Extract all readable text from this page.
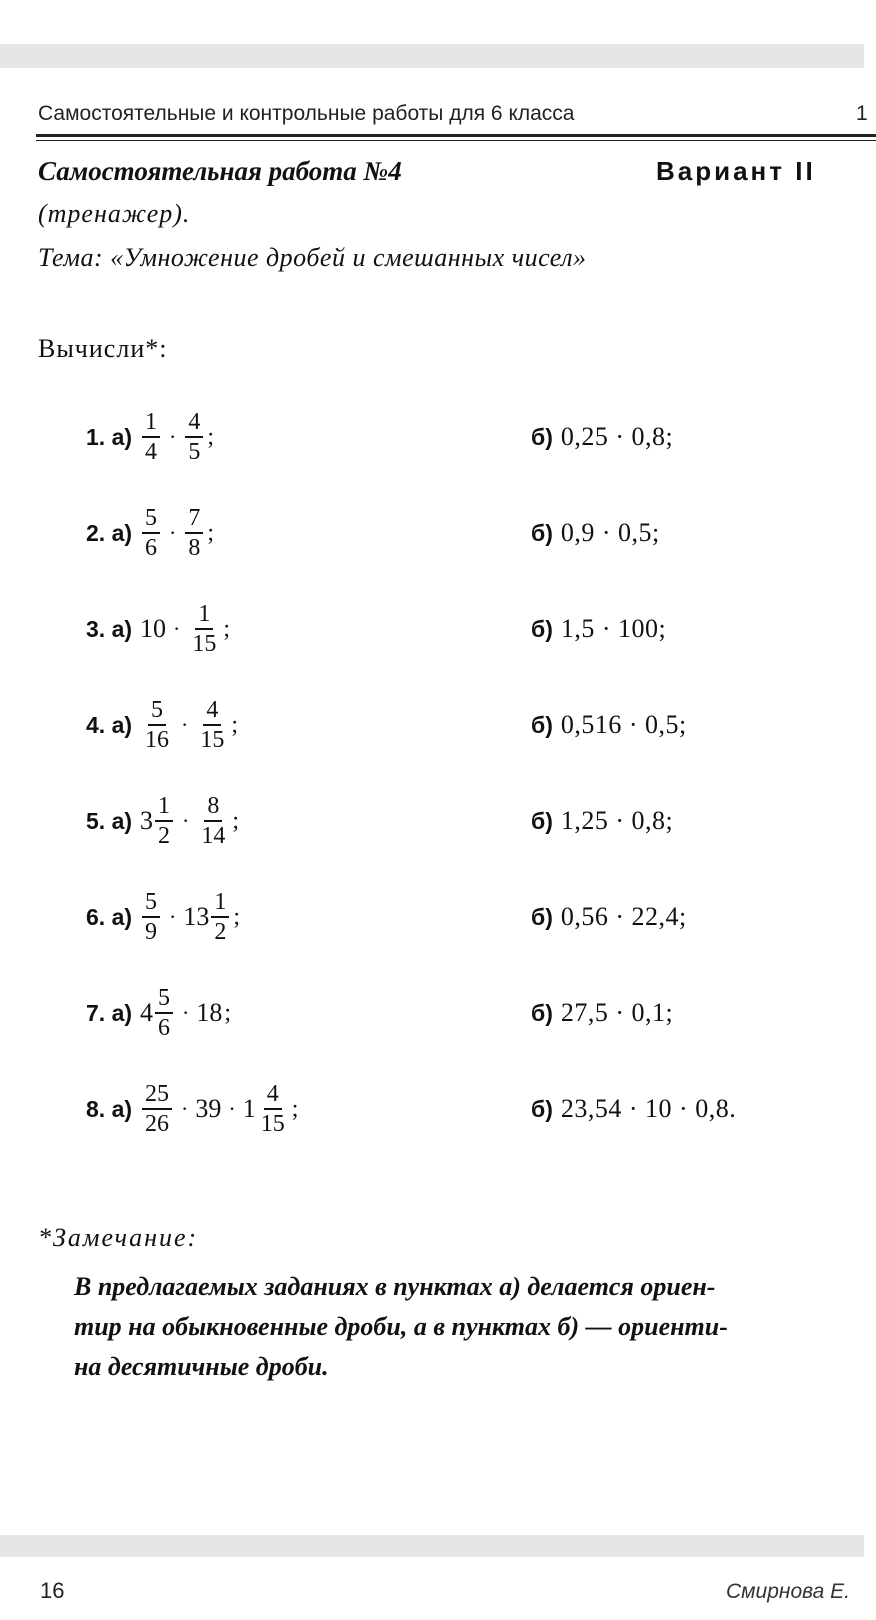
Самостоятельные и контрольные работы для 6 класса	1
Самостоятельная работа №4	Вариант II
(тренажер).
Тема: «Умножение дробей и смешанных чисел»
Вычисли*:
1. $а) \frac{1}{4} \cdot \frac{4}{5}$ ;	б) 0,25 · 0,8;
2. $а) \frac{5}{6} \cdot \frac{7}{8}$ ;	б) 0,9 · 0,5;
3. а) $10 \cdot \frac{1}{15}$ ;	б) 1,5 · 100;
4. $а) \frac{5}{16} \cdot \frac{4}{15}$ ;	б) 0,516 · 0,5;
5. а) $3 \frac{1}{2} \cdot \frac{8}{14}$ ;	б) 1,25 · 0,8;
6. $а) \frac{5}{9} \cdot 13 \frac{1}{2}$ ;	б) 0,56 · 22,4;
7. а) $4 \frac{5}{6} \cdot 18$ ;	б) 27,5 · 0,1;
8. $а) \frac{25}{26} \cdot 39 \cdot 1 \frac{4}{15}$ ;	б) 23,54 · 10 · 0,8.
*Замечание:
В предлагаемых заданиях в пунктах а) делается ориен-
тир на обыкновенные дроби, а в пунктах б) — ориенти-
на десятичные дроби.
16	Смирнова Е.
